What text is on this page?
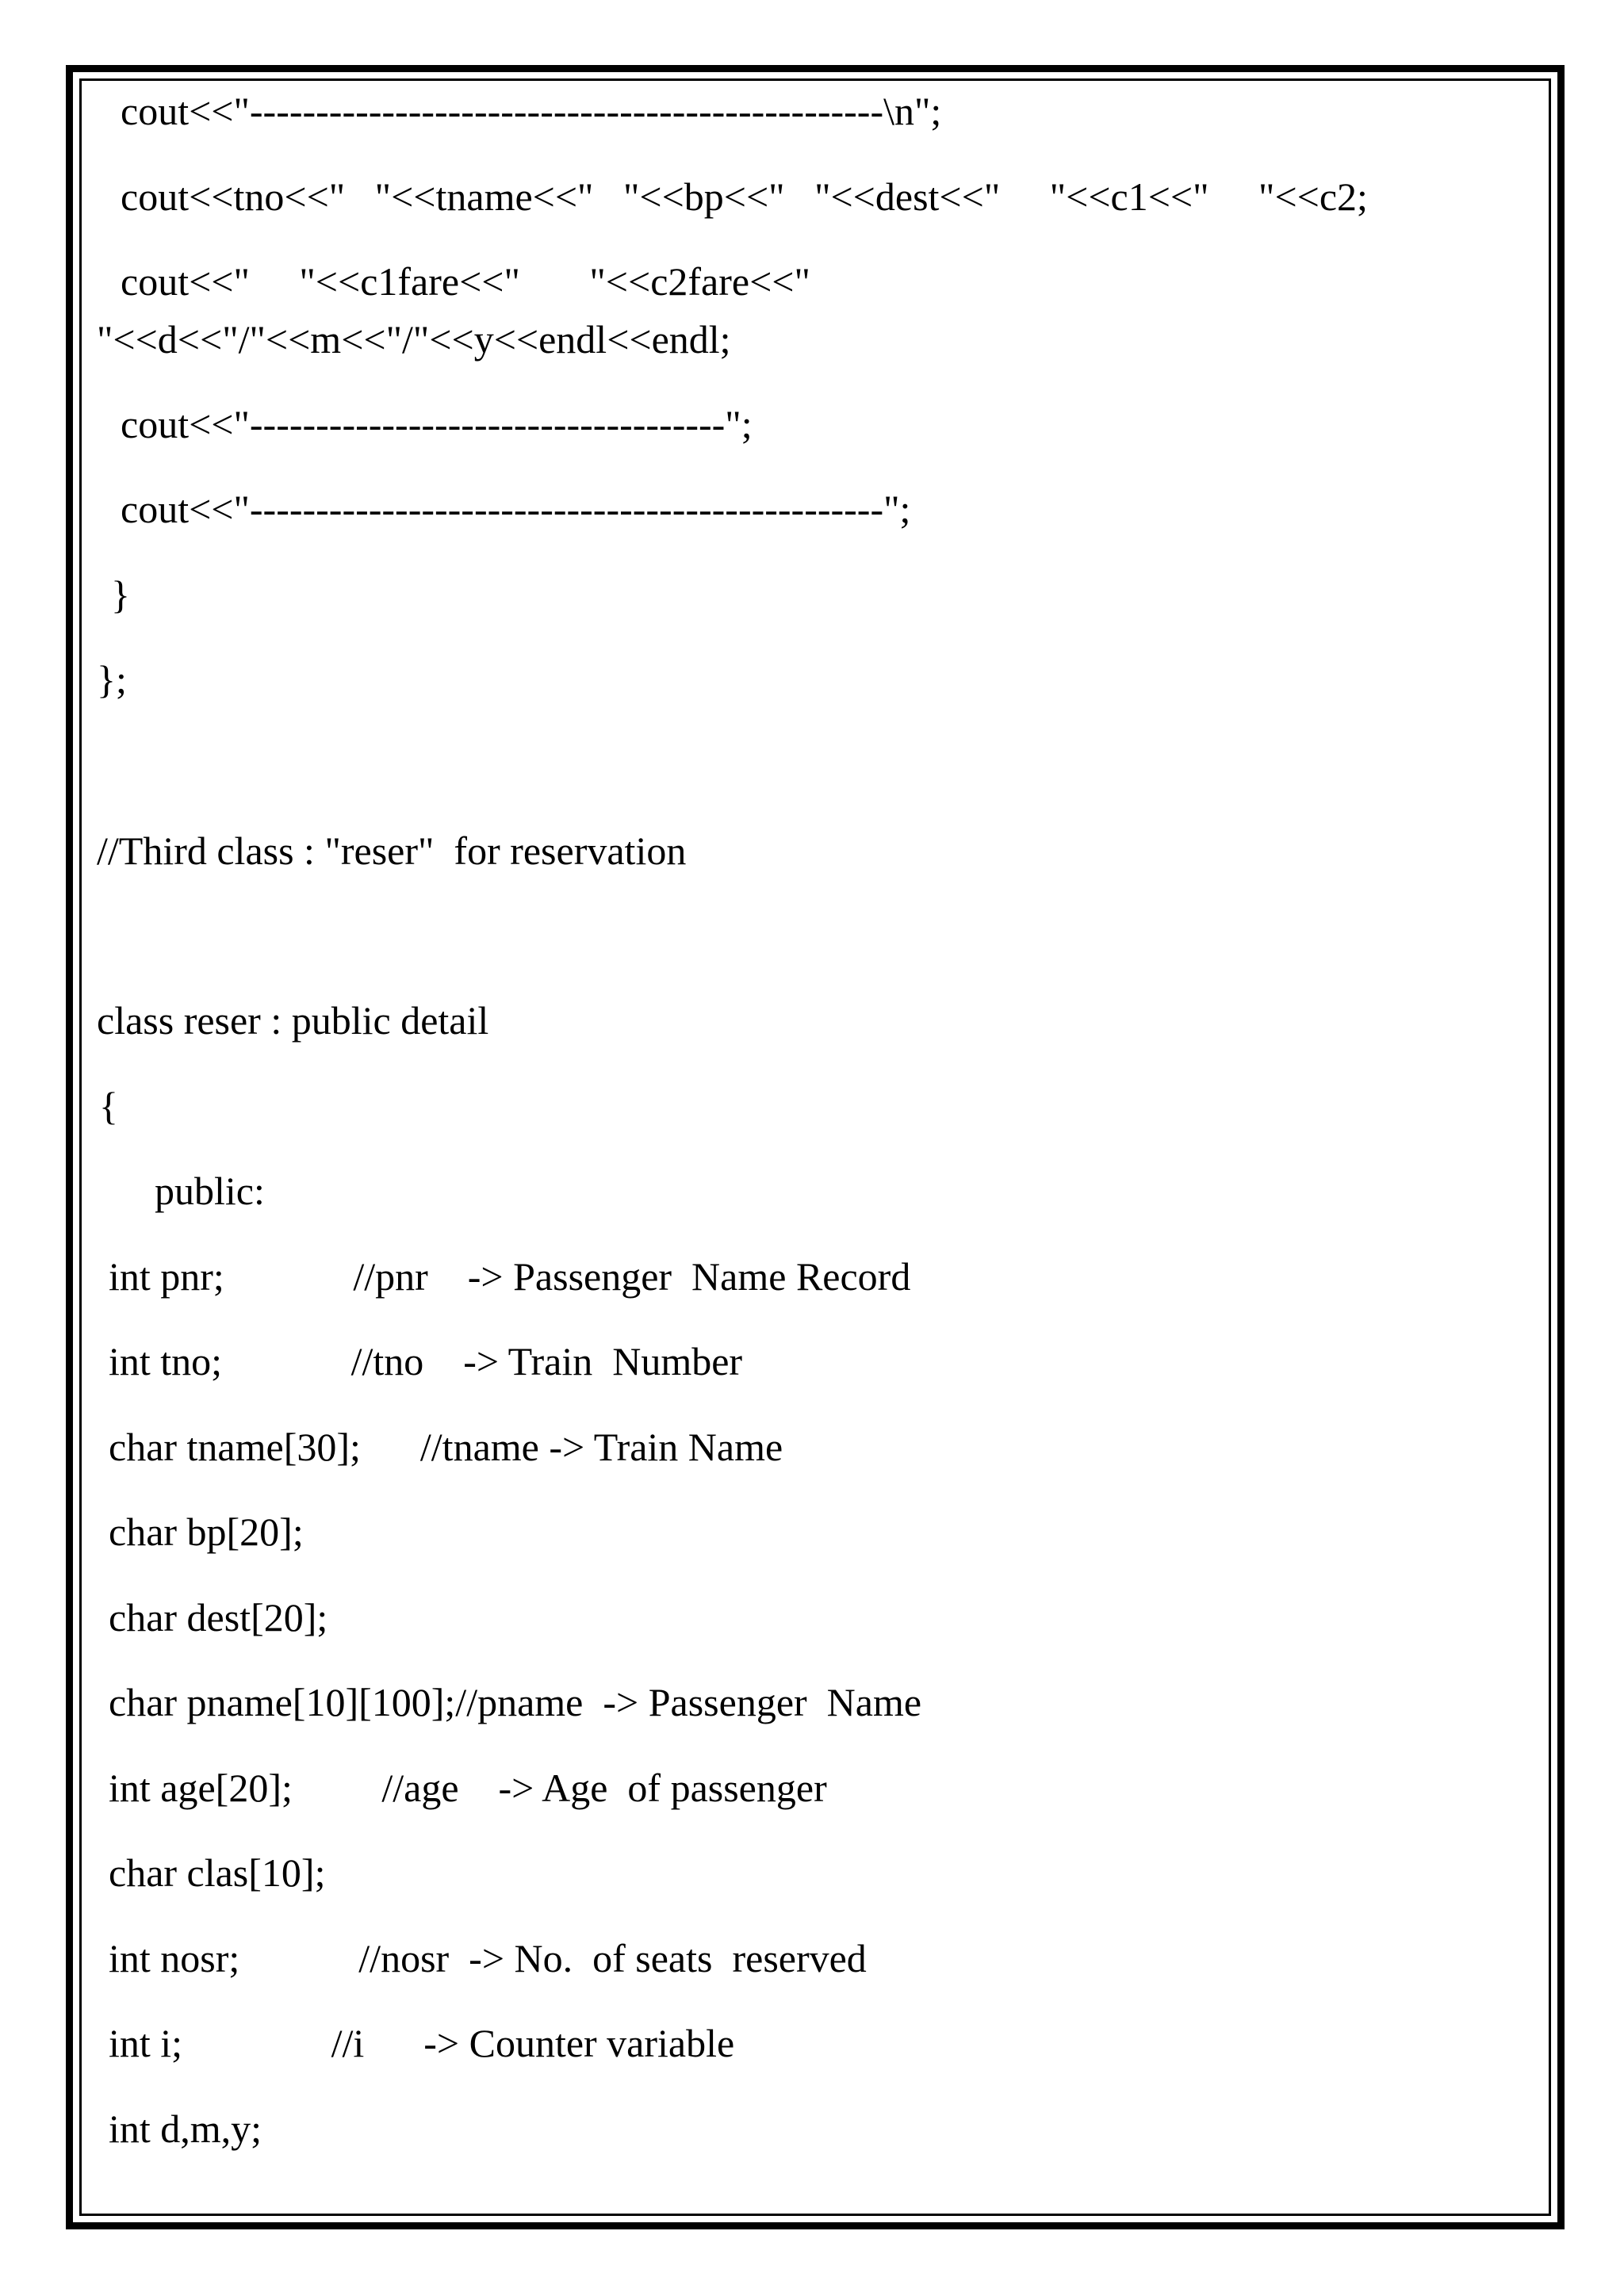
cout<<"------------------------------------------------\n";

cout<<tno<<"   "<<tname<<"   "<<bp<<"   "<<dest<<"     "<<c1<<"     "<<c2;

cout<<"     "<<c1fare<<"       "<<c2fare<<"

"<<d<<"/"<<m<<"/"<<y<<endl<<endl;

cout<<"------------------------------------";

cout<<"------------------------------------------------";

}

};

//Third class : "reser"  for reservation

class reser : public detail

{

public:

int pnr;             //pnr    -> Passenger  Name Record

int tno;             //tno    -> Train  Number

char tname[30];      //tname -> Train Name

char bp[20];

char dest[20];

char pname[10][100];//pname  -> Passenger  Name

int age[20];         //age    -> Age  of passenger

char clas[10];

int nosr;            //nosr  -> No.  of seats  reserved

int i;               //i      -> Counter variable

int d,m,y;
